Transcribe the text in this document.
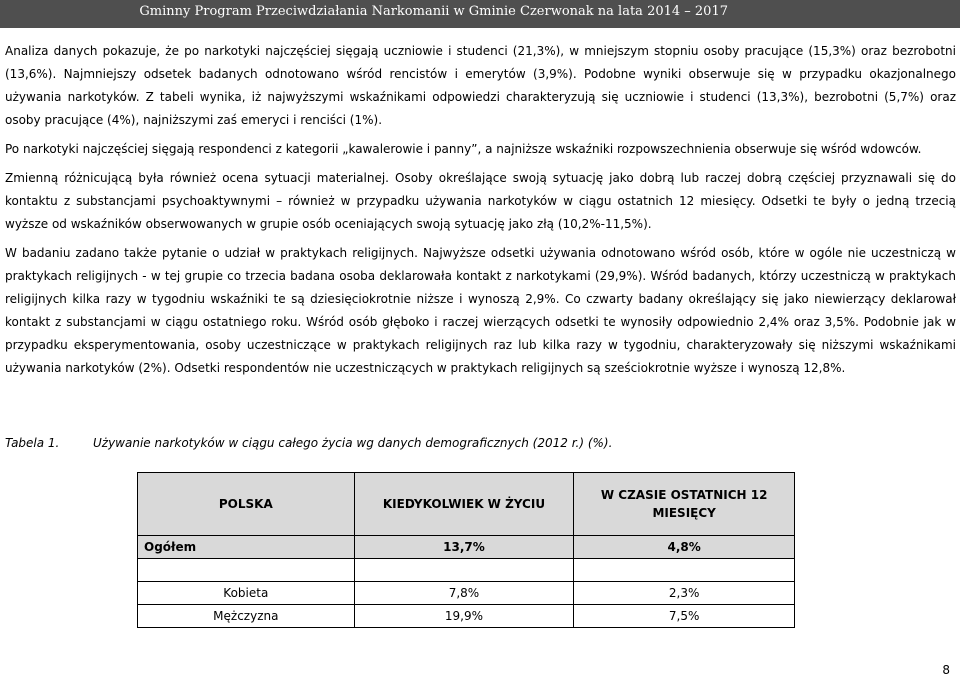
Gminny Program Przeciwdziałania Narkomanii w Gminie Czerwonak na lata 2014 – 2017

Analiza danych pokazuje, że po narkotyki najczęściej sięgają uczniowie i studenci (21,3%), w mniejszym stopniu osoby pracujące (15,3%) oraz bezrobotni (13,6%). Najmniejszy odsetek badanych odnotowano wśród rencistów i emerytów (3,9%). Podobne wyniki obserwuje się w przypadku okazjonalnego używania narkotyków. Z tabeli wynika, iż najwyższymi wskaźnikami odpowiedzi charakteryzują się uczniowie i studenci (13,3%), bezrobotni (5,7%) oraz osoby pracujące (4%), najniższymi zaś emeryci i renciści (1%).

Po narkotyki najczęściej sięgają respondenci z kategorii „kawalerowie i panny”, a najniższe wskaźniki rozpowszechnienia obserwuje się wśród wdowców.

Zmienną różnicującą była również ocena sytuacji materialnej. Osoby określające swoją sytuację jako dobrą lub raczej dobrą częściej przyznawali się do kontaktu z substancjami psychoaktywnymi – również w przypadku używania narkotyków w ciągu ostatnich 12 miesięcy. Odsetki te były o jedną trzecią wyższe od wskaźników obserwowanych w grupie osób oceniających swoją sytuację jako złą (10,2%-11,5%).

W badaniu zadano także pytanie o udział w praktykach religijnych. Najwyższe odsetki używania odnotowano wśród osób, które w ogóle nie uczestniczą w praktykach religijnych - w tej grupie co trzecia badana osoba deklarowała kontakt z narkotykami (29,9%). Wśród badanych, którzy uczestniczą w praktykach religijnych kilka razy w tygodniu wskaźniki te są dziesięciokrotnie niższe i wynoszą 2,9%. Co czwarty badany określający się jako niewierzący deklarował kontakt z substancjami w ciągu ostatniego roku. Wśród osób głęboko i raczej wierzących odsetki te wynosiły odpowiednio 2,4% oraz 3,5%. Podobnie jak w przypadku eksperymentowania, osoby uczestniczące w praktykach religijnych raz lub kilka razy w tygodniu, charakteryzowały się niższymi wskaźnikami używania narkotyków (2%). Odsetki respondentów nie uczestniczących w praktykach religijnych są sześciokrotnie wyższe i wynoszą 12,8%.

Tabela 1.	Używanie narkotyków w ciągu całego życia wg danych demograficznych (2012 r.) (%).
POLSKA	KIEDYKOLWIEK W ŻYCIU	W CZASIE OSTATNICH 12 MIESIĘCY
Ogółem	13,7%	4,8%

Kobieta	7,8%	2,3%
Mężczyzna	19,9%	7,5%
8
